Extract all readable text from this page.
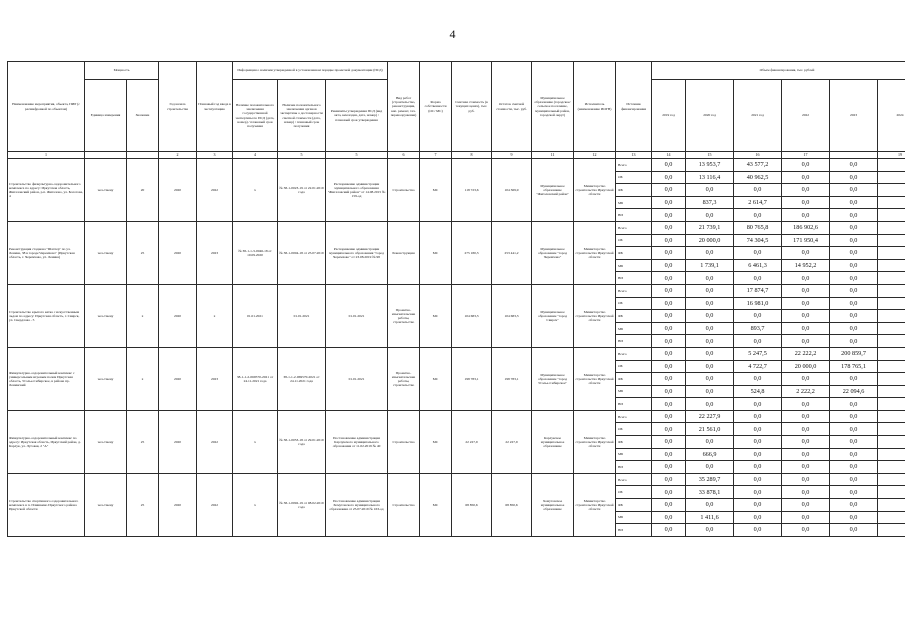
4
Наименование мероприятия, объекта, ПИР (с расшифровкой по объектам)	Мощность		Год начала строительства	Плановый год ввода в эксплуатацию	Информация о наличии утвержденной в установленном порядке проектной документации (ПСД)			Вид работ (строительство, реконструкция, кап. ремонт, тех. перевооружение)	Форма собственности (ОС/ МС)	Сметная стоимость (в текущих ценах), тыс. руб.	Остаток сметной стоимости, тыс. руб.	Муниципальное образование (городское/сельское поселение, муниципальный район, городской округ)	Исполнитель (наименование ИОГВ)	Источник финансирования	Объем финансирования, тыс. рублей					
	Единица измерения	Значение			Наличие положительного заключения государственной экспертизы по ПСД (дата, номер) / плановый срок получения	Наличие положительного заключения органов экспертизы о достоверности сметной стоимости (дата, номер) / плановый срок получения	Реквизиты утверждения ПСД (вид акта, кем издан, дата, номер) / плановый срок утверждения								2019 год	2020 год	2021 год	2022	2023	2024
1			2	3	4	5	5	6	7	8	9	11	12	13	14	15	16	17		19
Строительство физкультурно-оздоровительного комплекса по адресу: Иркутская область, Жигаловский район, р.п. Жигалово, ул. Болотова, 4	чел./смену	20	2020	2022	х	№ 38-1-0023-19 от 22.01.2019 года	Распоряжение администрации муниципального образования "Жигаловский район" от 14.08.2015 № 159-од	Строительство	МС	118 723,6	104 369,9	Муниципальное образование "Жигаловский район"	Министерство строительства Иркутской области	Всего	0,0	13 953,7	43 577,2	0,0	0,0	
														ОБ	0,0	13 116,4	40 962,5	0,0	0,0	
														ФБ	0,0	0,0	0,0	0,0	0,0	
														МБ	0,0	837,3	2 614,7	0,0	0,0	
														ВИ	0,0	0,0	0,0	0,0	0,0	
Реконструкция стадиона "Шахтер" по ул. Ленина, 38 в городе Черемхово" (Иркутская область, г. Черемхово, ул. Ленина)	чел./смену	25	2020	2023	№ 38-1-1-3-0046-18 от 10.09.2020	№ 38-1-0004-18 от 25.07.2019	Распоряжение администрации муниципального образования "город Черемхово" от 23.08.2019 № 98	Реконструкция	МС	275 180,3	253 441,2	Муниципальное образование "город Черемхово"	Министерство строительства Иркутской области	Всего	0,0	21 739,1	80 765,8	186 902,6	0,0	
														ОБ	0,0	20 000,0	74 304,5	171 950,4	0,0	
														ФБ	0,0	0,0	0,0	0,0	0,0	
														МБ	0,0	1 739,1	6 461,3	14 952,2	0,0	
														ВИ	0,0	0,0	0,0	0,0	0,0	
Строительство крытого катка с искусственным льдом по адресу: Иркутская область, г. Свирск, ул. Свердлова - 5	чел./смену	х	2020	х	01.01.2021	01.01.2021	01.01.2021	Проектно-изыскательские работы, строительство	МС	104 683,3	104 683,3	Муниципальное образование "город Свирск"	Министерство строительства Иркутской области	Всего	0,0	0,0	17 874,7	0,0	0,0	
														ОБ	0,0	0,0	16 981,0	0,0	0,0	
														ФБ	0,0	0,0	0,0	0,0	0,0	
														МБ	0,0	0,0	893,7	0,0	0,0	
														ВИ	0,0	0,0	0,0	0,0	0,0	
Физкультурно-оздоровительный комплекс с универсальным игровым полем Иркутская область, Усолье-Сибирское, в районе пр. Ленинский	чел./смену	х	2020	2023	38-1-1-2-069570-2021 от 24.11.2021 года	38-1-1-2-069570-2021 от 24.11.2021 года	01.01.2021	Проектно-изыскательские работы, строительство	МС	198 783,1	198 783,1	Муниципальное образование "город Усолье-Сибирское"	Министерство строительства Иркутской области	Всего	0,0	0,0	5 247,5	22 222,2	200 859,7	
														ОБ	0,0	0,0	4 722,7	20 000,0	178 765,1	
														ФБ	0,0	0,0	0,0	0,0	0,0	
														МБ	0,0	0,0	524,8	2 222,2	22 094,6	
														ВИ	0,0	0,0	0,0	0,0	0,0	
Физкультурно-оздоровительный комплекс по адресу: Иркутская область, Иркутский район, д. Карлук, ул. Луговая, 2 "А"	чел./смену	25	2020	2022	х	№ 38-1-0053-18 от 29.01.2019 года	Постановление администрации Карлукского муниципального образования от 11.02.2019 № 40	Строительство	МС	22 227,9	22 227,9	Карлукское муниципальное образование	Министерство строительства Иркутской области	Всего	0,0	22 227,9	0,0	0,0	0,0	
														ОБ	0,0	21 561,0	0,0	0,0	0,0	
														ФБ	0,0	0,0	0,0	0,0	0,0	
														МБ	0,0	666,9	0,0	0,0	0,0	
														ВИ	0,0	0,0	0,0	0,0	0,0	
Строительство спортивного оздоровительного комплекса в п. Плишкино Иркутского района Иркутской области	чел./смену	25	2020	2022	х	№ 38-1-0092-19 от 08.02.2019 года	Постановление администрации Хомутовского муниципального образования от 25.07.2019 № 163-од	Строительство	МС	68 850,6	68 850,6	Хомутовское муниципальное образование	Министерство строительства Иркутской области	Всего	0,0	35 289,7	0,0	0,0	0,0	
														ОБ	0,0	33 878,1	0,0	0,0	0,0	
														ФБ	0,0	0,0	0,0	0,0	0,0	
														МБ	0,0	1 411,6	0,0	0,0	0,0	
														ВИ	0,0	0,0	0,0	0,0	0,0	
